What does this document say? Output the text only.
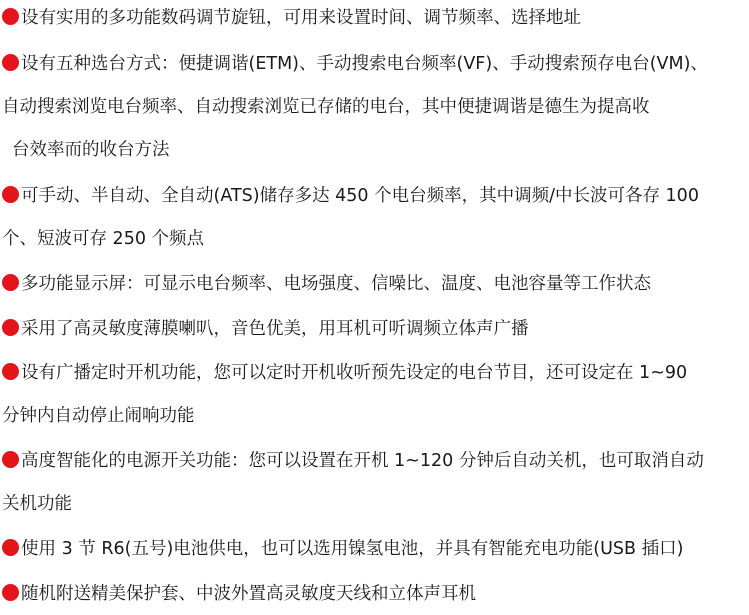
设有实用的多功能数码调节旋钮，可用来设置时间、调节频率、选择地址
设有五种选台方式：便捷调谐(ETM)、手动搜索电台频率(VF)、手动搜索预存电台(VM)、
自动搜索浏览电台频率、自动搜索浏览已存储的电台，其中便捷调谐是德生为提高收
台效率而的收台方法
可手动、半自动、全自动(ATS)储存多达 450 个电台频率，其中调频/中长波可各存 100
个、短波可存 250 个频点
多功能显示屏：可显示电台频率、电场强度、信噪比、温度、电池容量等工作状态
采用了高灵敏度薄膜喇叭，音色优美，用耳机可听调频立体声广播
设有广播定时开机功能，您可以定时开机收听预先设定的电台节目，还可设定在 1~90
分钟内自动停止闹响功能
高度智能化的电源开关功能：您可以设置在开机 1~120 分钟后自动关机，也可取消自动
关机功能
使用 3 节 R6(五号)电池供电，也可以选用镍氢电池，并具有智能充电功能(USB 插口)
随机附送精美保护套、中波外置高灵敏度天线和立体声耳机
